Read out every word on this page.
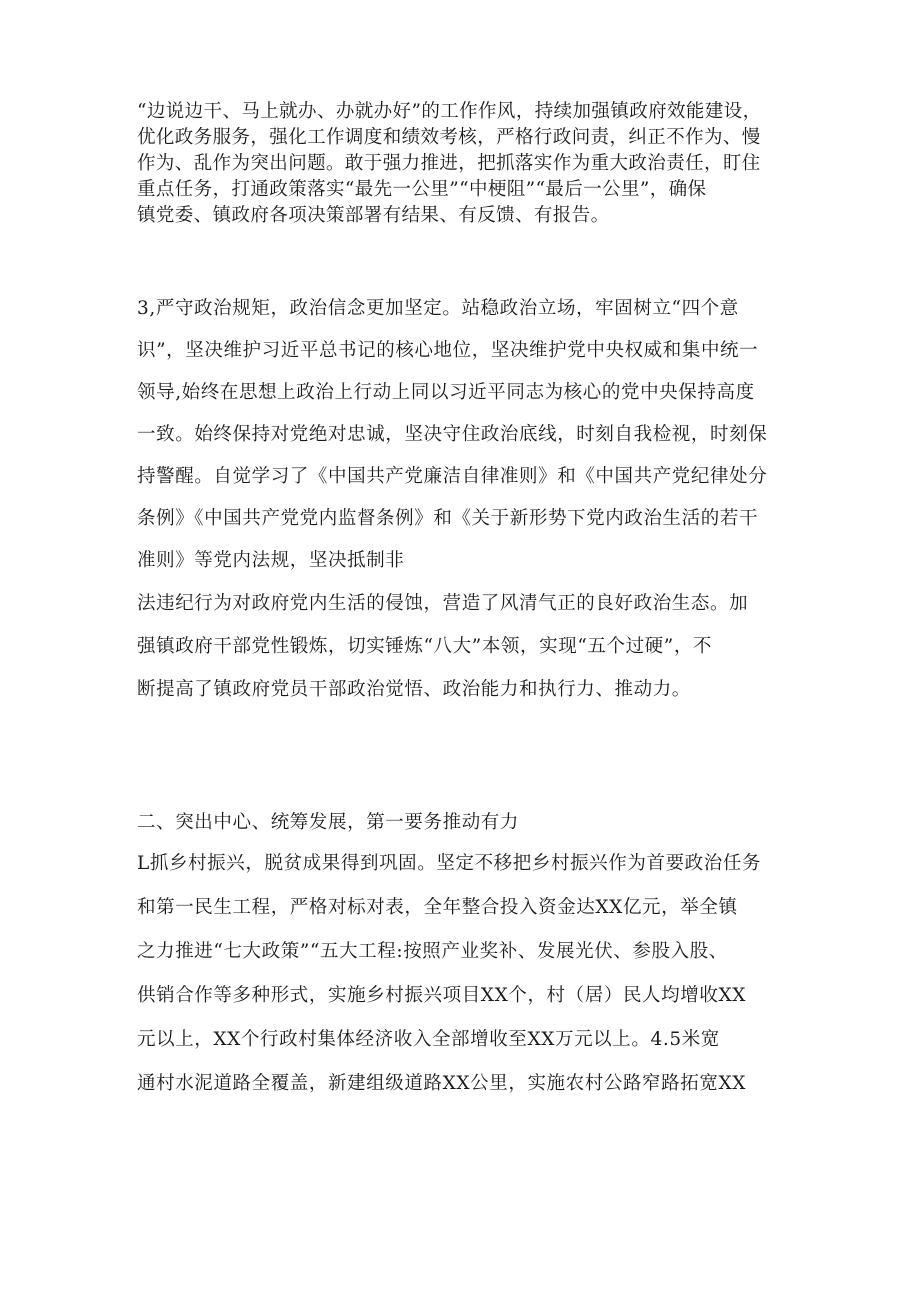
“边说边干、马上就办、办就办好”的工作作风，持续加强镇政府效能建设，

优化政务服务，强化工作调度和绩效考核，严格行政问责，纠正不作为、慢

作为、乱作为突出问题。敢于强力推进，把抓落实作为重大政治责任，盯住

重点任务，打通政策落实“最先一公里”“中梗阻”“最后一公里”，确保

镇党委、镇政府各项决策部署有结果、有反馈、有报告。

3,严守政治规矩，政治信念更加坚定。站稳政治立场，牢固树立“四个意

识”，坚决维护习近平总书记的核心地位，坚决维护党中央权威和集中统一

领导,始终在思想上政治上行动上同以习近平同志为核心的党中央保持高度

一致。始终保持对党绝对忠诚，坚决守住政治底线，时刻自我检视，时刻保

持警醒。自觉学习了《中国共产党廉洁自律准则》和《中国共产党纪律处分

条例》《中国共产党党内监督条例》和《关于新形势下党内政治生活的若干

准则》等党内法规，坚决抵制非

法违纪行为对政府党内生活的侵蚀，营造了风清气正的良好政治生态。加

强镇政府干部党性锻炼，切实锤炼“八大”本领，实现“五个过硬”，不

断提高了镇政府党员干部政治觉悟、政治能力和执行力、推动力。

二、突出中心、统筹发展，第一要务推动有力

L抓乡村振兴，脱贫成果得到巩固。坚定不移把乡村振兴作为首要政治任务

和第一民生工程，严格对标对表，全年整合投入资金达XX亿元，举全镇

之力推进“七大政策”“五大工程:按照产业奖补、发展光伏、参股入股、

供销合作等多种形式，实施乡村振兴项目XX个，村（居）民人均增收XX

元以上，XX个行政村集体经济收入全部增收至XX万元以上。4.5米宽

通村水泥道路全覆盖，新建组级道路XX公里，实施农村公路窄路拓宽XX
